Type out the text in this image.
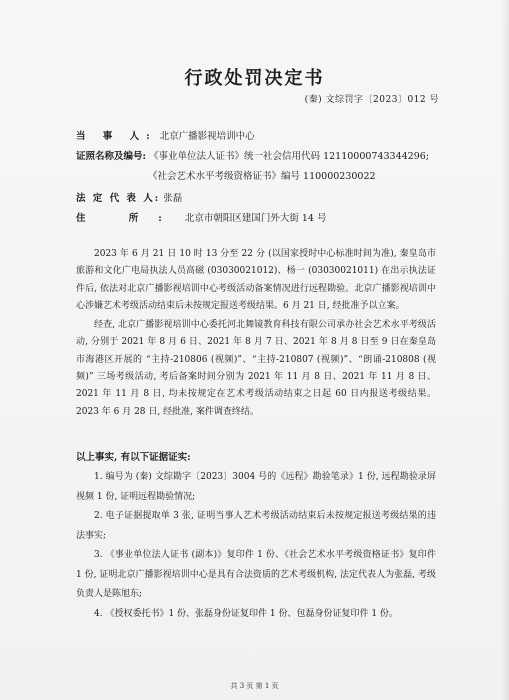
行政处罚决定书
(秦) 文综罚字〔2023〕012 号
当 事 人: 北京广播影视培训中心
证照名称及编号: 《事业单位法人证书》统一社会信用代码 12110000743344296;
《社会艺术水平考级资格证书》编号 110000230022
法 定 代 表 人: 张磊
住 所: 北京市朝阳区建国门外大街 14 号

2023 年 6 月 21 日 10 时 13 分至 22 分 (以国家授时中心标准时间为准), 秦皇岛市旅游和文化广电局执法人员高磁 (03030021012)、杨一 (03030021011) 在出示执法证件后, 依法对北京广播影视培训中心考级活动备案情况进行远程勘验。北京广播影视培训中心涉嫌艺术考级活动结束后未按规定报送考级结果。6 月 21 日, 经批准予以立案。

经查, 北京广播影视培训中心委托河北舞镜教育科技有限公司承办社会艺术水平考级活动, 分别于 2021 年 8 月 6 日、2021 年 8 月 7 日、2021 年 8 月 8 日至 9 日在秦皇岛市海港区开展的 “主持-210806 (视频)”、“主持-210807 (视频)”、“朗诵-210808 (视频)” 三场考级活动, 考后备案时间分别为 2021 年 11 月 8 日、2021 年 11 月 8 日、2021 年 11 月 8 日, 均未按规定在艺术考级活动结束之日起 60 日内报送考级结果。2023 年 6 月 28 日, 经批准, 案件调查终结。

以上事实, 有以下证据证实:

1. 编号为 (秦) 文综勘字〔2023〕3004 号的《远程》勘验笔录》1 份, 远程勘验录屏视频 1 份, 证明远程勘验情况;

2. 电子证据提取单 3 张, 证明当事人艺术考级活动结束后未按规定报送考级结果的违法事实;

3. 《事业单位法人证书 (副本)》复印件 1 份、《社会艺术水平考级资格证书》复印件 1 份, 证明北京广播影视培训中心是具有合法资质的艺术考级机构, 法定代表人为张磊, 考级负责人是陈旭东;

4. 《授权委托书》1 份、张磊身份证复印件 1 份、包磊身份证复印件 1 份。

共 3 页 第 1 页
